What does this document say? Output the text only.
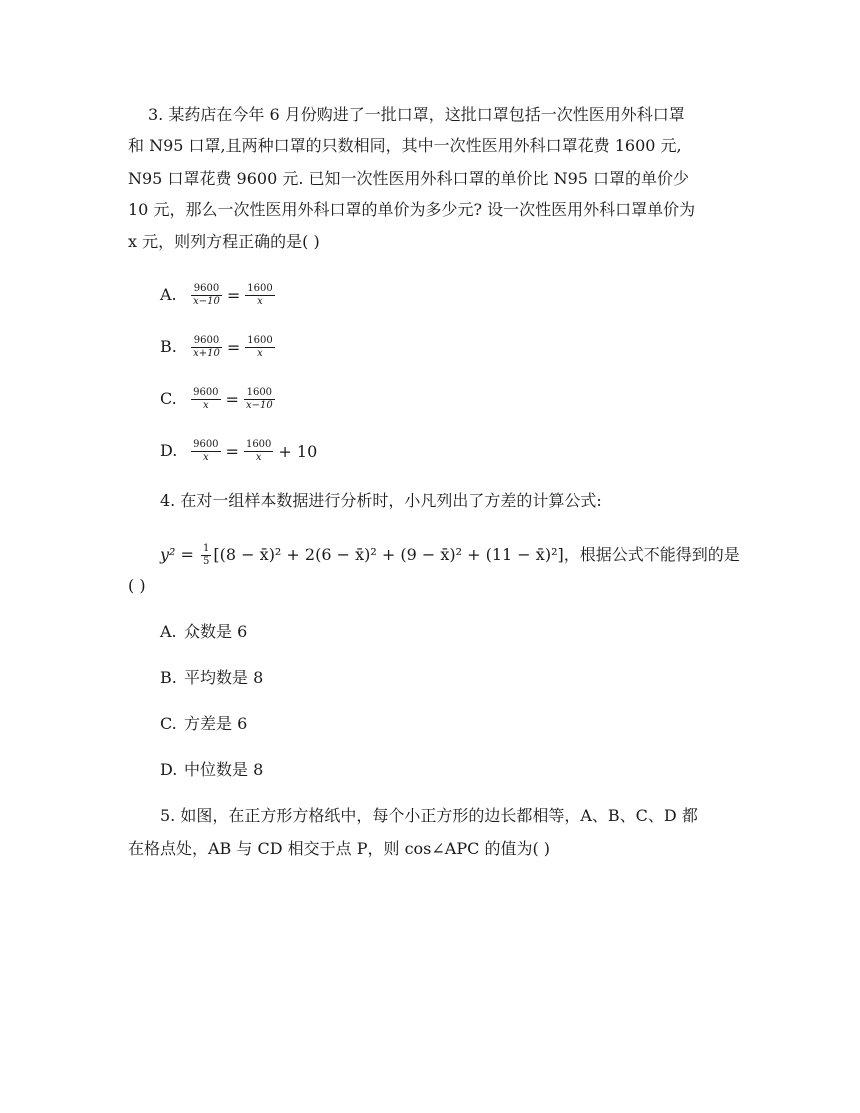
3. 某药店在今年 6 月份购进了一批口罩，这批口罩包括一次性医用外科口罩
和 N95 口罩,且两种口罩的只数相同，其中一次性医用外科口罩花费 1600 元,
N95 口罩花费 9600 元. 已知一次性医用外科口罩的单价比 N95 口罩的单价少
10 元，那么一次性医用外科口罩的单价为多少元? 设一次性医用外科口罩单价为
x 元，则列方程正确的是( )
A. $\frac{9600}{x-10} = \frac{1600}{x}$
B. $\frac{9600}{x+10} = \frac{1600}{x}$
C. $\frac{9600}{x} = \frac{1600}{x-10}$
D. $\frac{9600}{x} = \frac{1600}{x} + 10$
4. 在对一组样本数据进行分析时，小凡列出了方差的计算公式:
$y^2 = \frac{1}{5} [(8$ − x̄)² + 2(6 − x̄)² + (9 − x̄)² + (11 − x̄)²]，根据公式不能得到的是
( )
A. 众数是 6
B. 平均数是 8
C. 方差是 6
D. 中位数是 8
5. 如图，在正方形方格纸中，每个小正方形的边长都相等，A、B、C、D 都
在格点处，AB 与 CD 相交于点 P，则 cos∠APC 的值为( )
